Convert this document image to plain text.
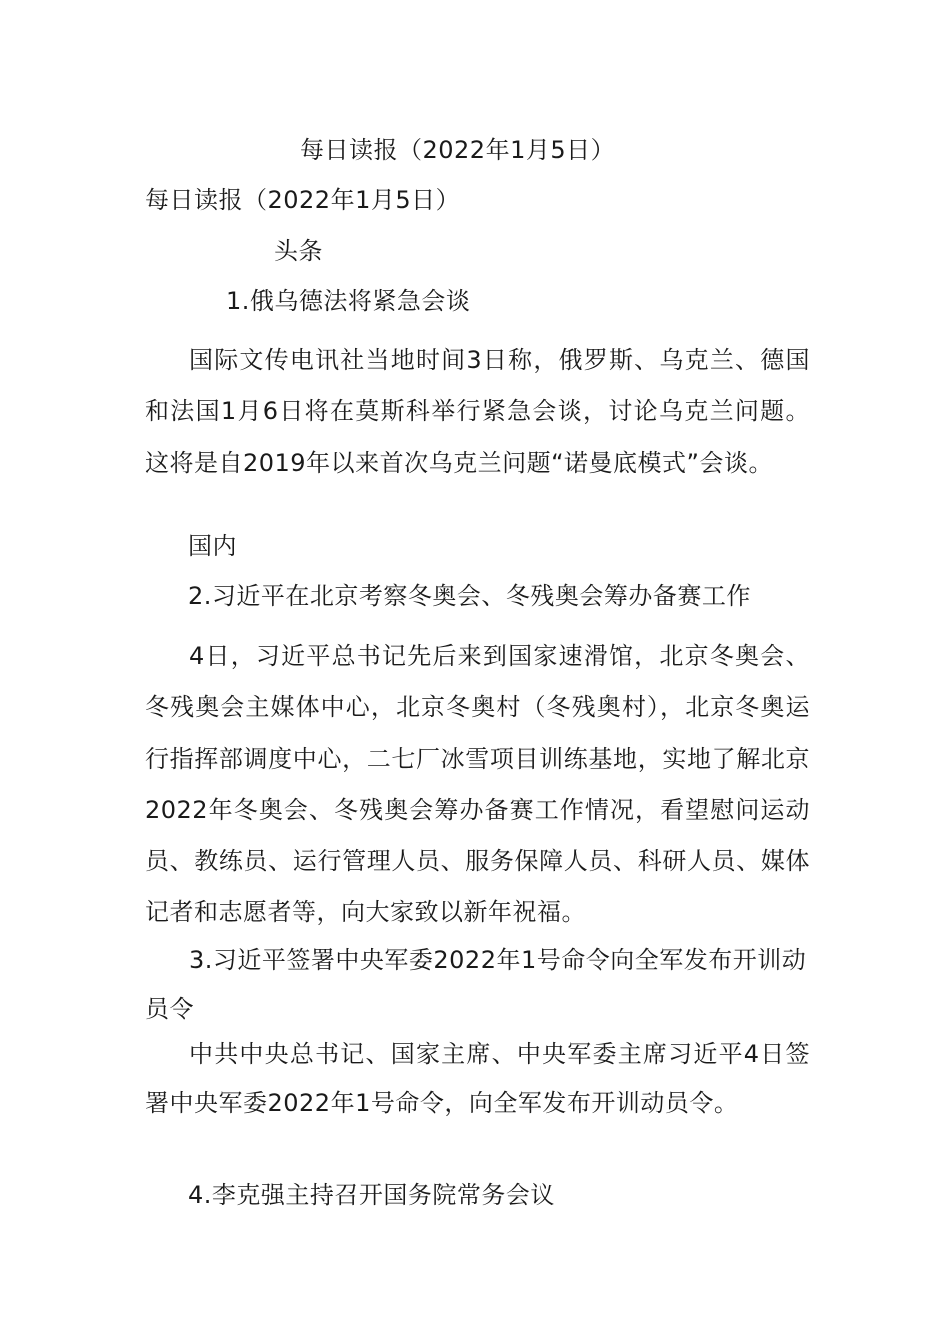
每日读报（2022年1月5日）
每日读报（2022年1月5日）
头条
1.俄乌德法将紧急会谈
国际文传电讯社当地时间3日称，俄罗斯、乌克兰、德国和法国1月6日将在莫斯科举行紧急会谈，讨论乌克兰问题。这将是自2019年以来首次乌克兰问题“诺曼底模式”会谈。
国内
2.习近平在北京考察冬奥会、冬残奥会筹办备赛工作
4日，习近平总书记先后来到国家速滑馆，北京冬奥会、冬残奥会主媒体中心，北京冬奥村（冬残奥村），北京冬奥运行指挥部调度中心，二七厂冰雪项目训练基地，实地了解北京2022年冬奥会、冬残奥会筹办备赛工作情况，看望慰问运动员、教练员、运行管理人员、服务保障人员、科研人员、媒体记者和志愿者等，向大家致以新年祝福。
3.习近平签署中央军委2022年1号命令向全军发布开训动员令
中共中央总书记、国家主席、中央军委主席习近平4日签署中央军委2022年1号命令，向全军发布开训动员令。
4.李克强主持召开国务院常务会议
